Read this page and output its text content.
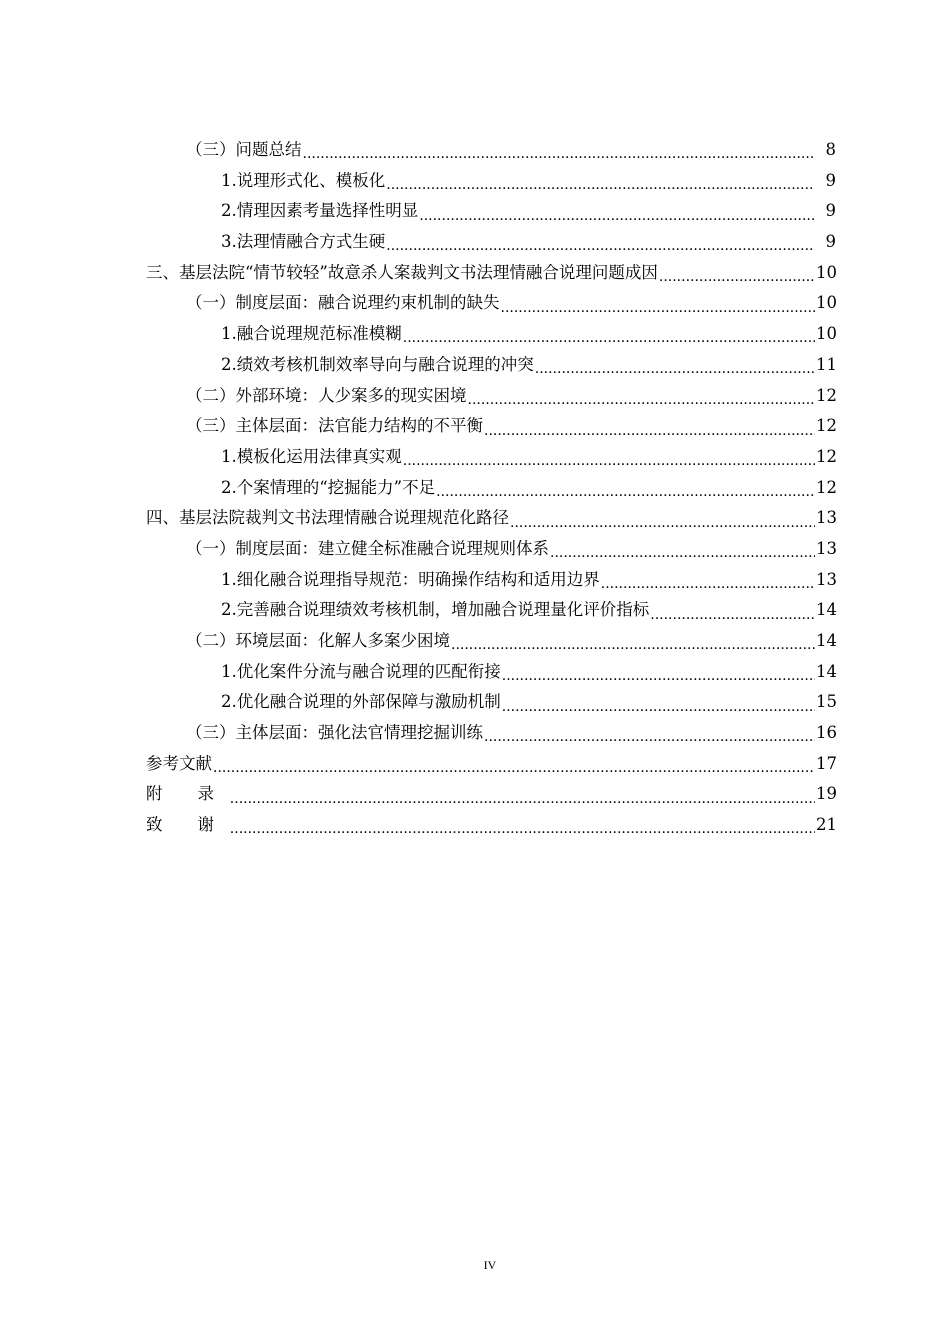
（三）问题总结 .....	8
1.说理形式化、模板化 .....	9
2.情理因素考量选择性明显 .....	9
3.法理情融合方式生硬 .....	9
三、基层法院“情节较轻”故意杀人案裁判文书法理情融合说理问题成因 .....	10
（一）制度层面：融合说理约束机制的缺失 .....	10
1.融合说理规范标准模糊 .....	10
2.绩效考核机制效率导向与融合说理的冲突 .....	11
（二）外部环境：人少案多的现实困境 .....	12
（三）主体层面：法官能力结构的不平衡 .....	12
1.模板化运用法律真实观 .....	12
2.个案情理的“挖掘能力”不足 .....	12
四、基层法院裁判文书法理情融合说理规范化路径 .....	13
（一）制度层面：建立健全标准融合说理规则体系 .....	13
1.细化融合说理指导规范：明确操作结构和适用边界 .....	13
2.完善融合说理绩效考核机制，增加融合说理量化评价指标 .....	14
（二）环境层面：化解人多案少困境 .....	14
1.优化案件分流与融合说理的匹配衔接 .....	14
2.优化融合说理的外部保障与激励机制 .....	15
（三）主体层面：强化法官情理挖掘训练 .....	16
参考文献 .....	17
附 录 .....	19
致 谢 .....	21
IV
